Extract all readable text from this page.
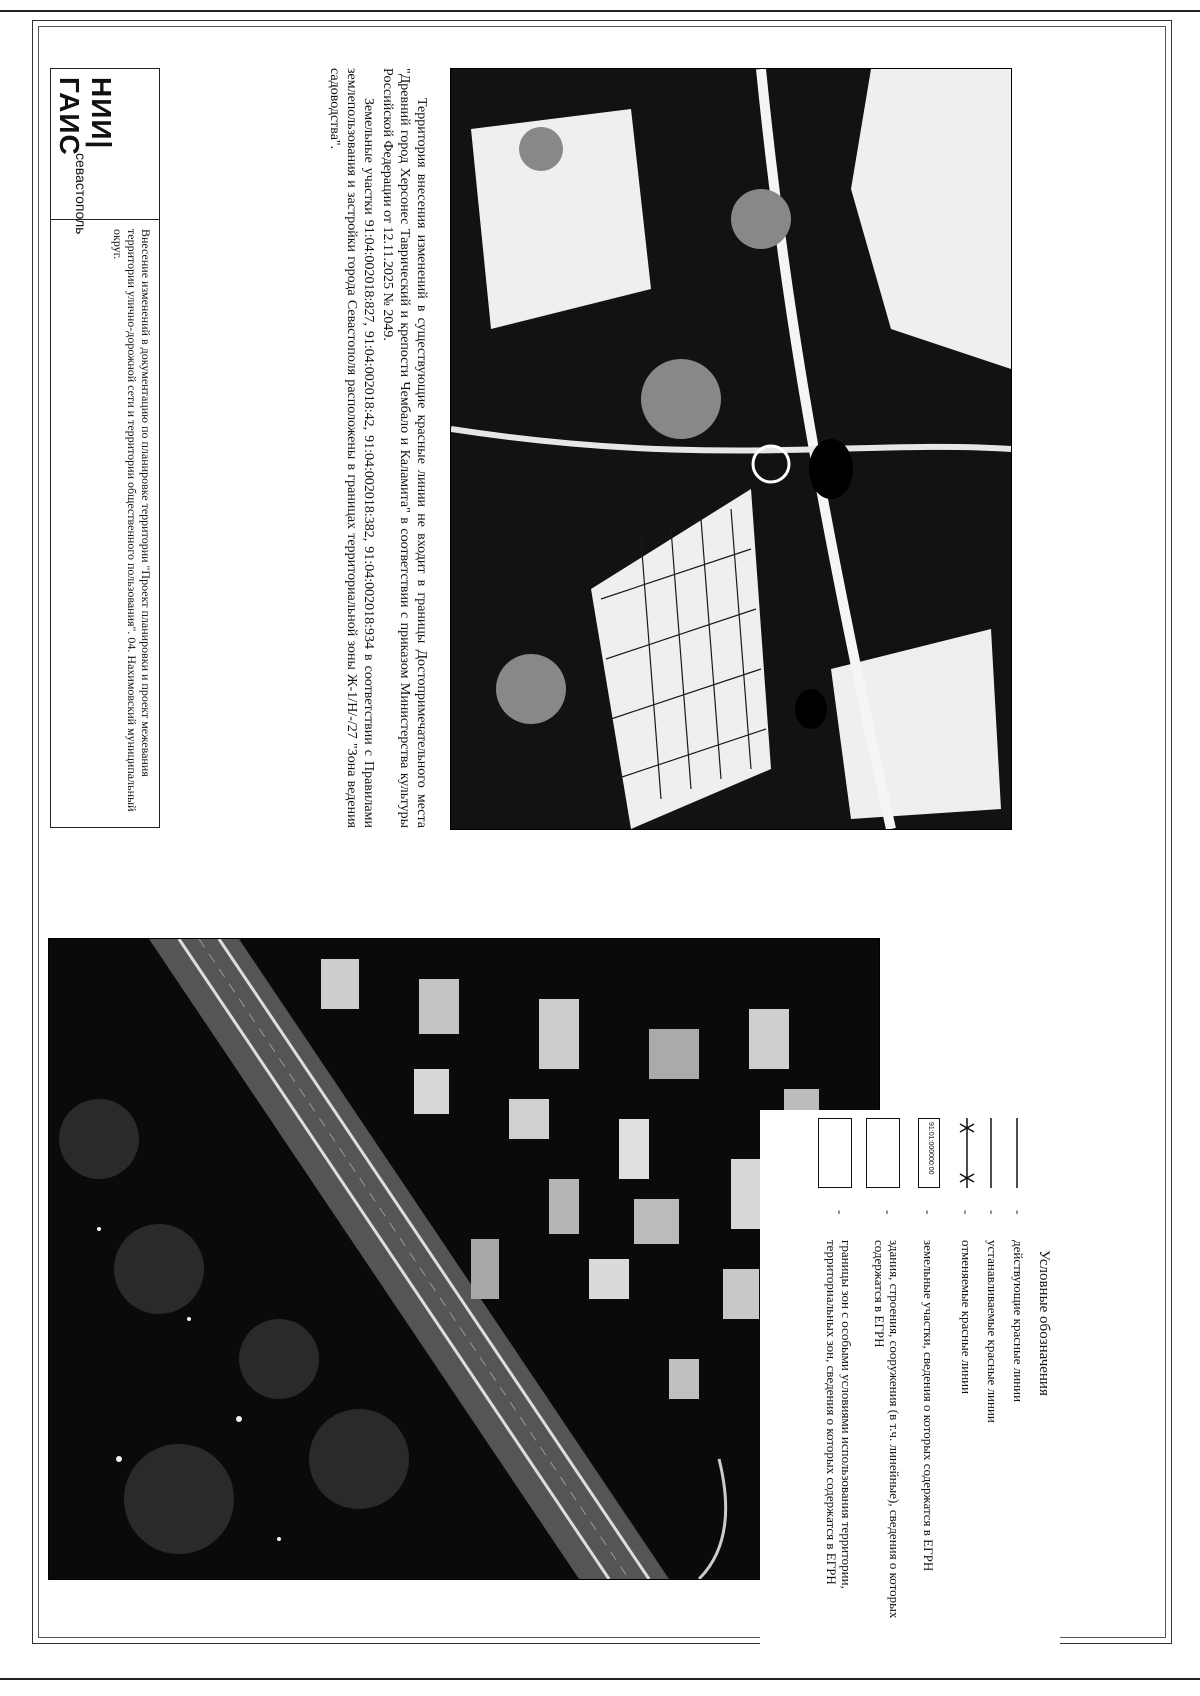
Территория внесения изменений в существующие красные линии не входит в границы Достопримечательного места "Древний город Херсонес Таврический и крепости Чембало и Каламита" в соответствии с приказом Министерства культуры Российской Федерации от 12.11.2025 № 2049.

Земельные участки 91:04:002018:827, 91:04:002018:42, 91:04:002018:382, 91:04:002018:934 в соответствии с Правилами землепользования и застройки города Севастополя расположены в границах территориальной зоны Ж-1/Н/-/27 "Зона ведения садоводства".

НИИ|ГАИС
севастополь
Внесение изменений в документацию по планировке территории "Проект планировки и проект межевания территории улично-дорожной сети и территории общественного пользования". 04. Нахимовский муниципальный округ.
Условные обозначения
-
действующие красные линии
-
устанавливаемые красные линии
-
отменяемые красные линии
91:01:000000:00
-
земельные участки, сведения о которых содержатся в ЕГРН
-
здания, строения, сооружения (в т.ч. линейные), сведения о которых содержатся в ЕГРН
-
границы зон с особыми условиями использования территории, территориальных зон, сведения о которых содержатся в ЕГРН
